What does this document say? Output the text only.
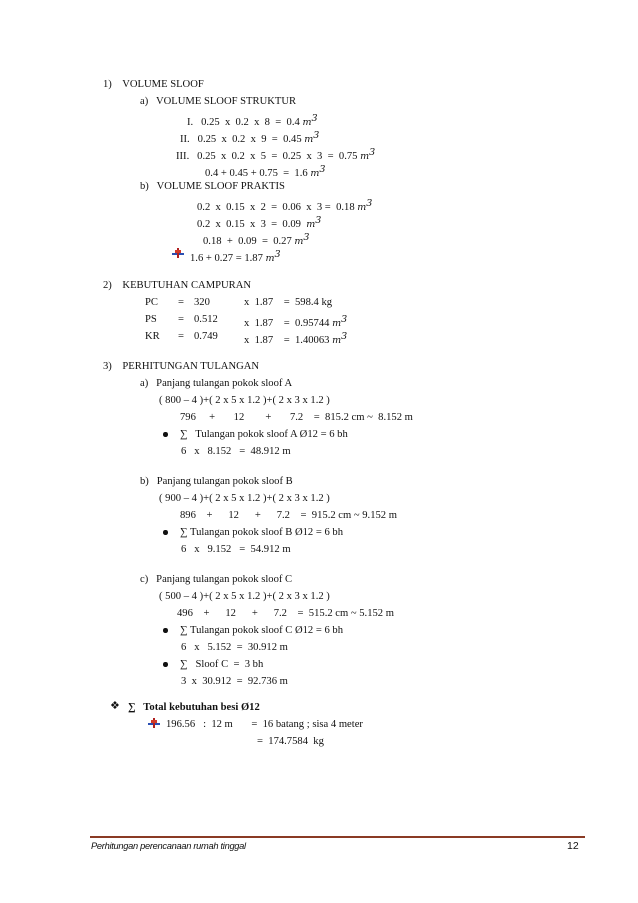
1)    VOLUME SLOOF
a)   VOLUME SLOOF STRUKTUR
I.   0.25  x  0.2  x  8  =  0.4 $m^3$
II.   0.25  x  0.2  x  9  =  0.45 $m^3$
III.   0.25  x  0.2  x  5  =  0.25  x  3  =  0.75 $m^3$
0.4 + 0.45 + 0.75  =  1.6 $m^3$
b)   VOLUME SLOOF PRAKTIS
0.2  x  0.15  x  2  =  0.06  x  3 =  0.18 $m^3$
0.2  x  0.15  x  3  =  0.09  $m^3$
0.18  +  0.09  =  0.27 $m^3$
1.6 + 0.27 = 1.87 $m^3$
2)    KEBUTUHAN CAMPURAN
PC = 320	x  1.87    =  598.4 kg
PS = 0.512 x  1.87    =  0.95744 $m^3$
KR = 0.749 x  1.87    =  1.40063 $m^3$
3)    PERHITUNGAN TULANGAN
a)   Panjang tulangan pokok sloof A
( 800 – 4 )+( 2 x 5 x 1.2 )+( 2 x 3 x 1.2 )
796     +       12        +       7.2    =  815.2 cm ~  8.152 m
∑   Tulangan pokok sloof A Ø12 = 6 bh
6   x   8.152   =  48.912 m
b)   Panjang tulangan pokok sloof B
( 900 – 4 )+( 2 x 5 x 1.2 )+( 2 x 3 x 1.2 )
896    +      12      +      7.2    =  915.2 cm ~ 9.152 m
∑ Tulangan pokok sloof B Ø12 = 6 bh
6   x   9.152   =  54.912 m
c)   Panjang tulangan pokok sloof C
( 500 – 4 )+( 2 x 5 x 1.2 )+( 2 x 3 x 1.2 )
496    +      12      +      7.2    =  515.2 cm ~ 5.152 m
∑ Tulangan pokok sloof C Ø12 = 6 bh
6   x   5.152  =  30.912 m
∑   Sloof C  =  3 bh
3  x  30.912  =  92.736 m
❖ ∑   Total kebutuhan besi Ø12
196.56   :  12 m       =  16 batang ; sisa 4 meter
=  174.7584  kg
Perhitungan perencanaan rumah tinggal	12
